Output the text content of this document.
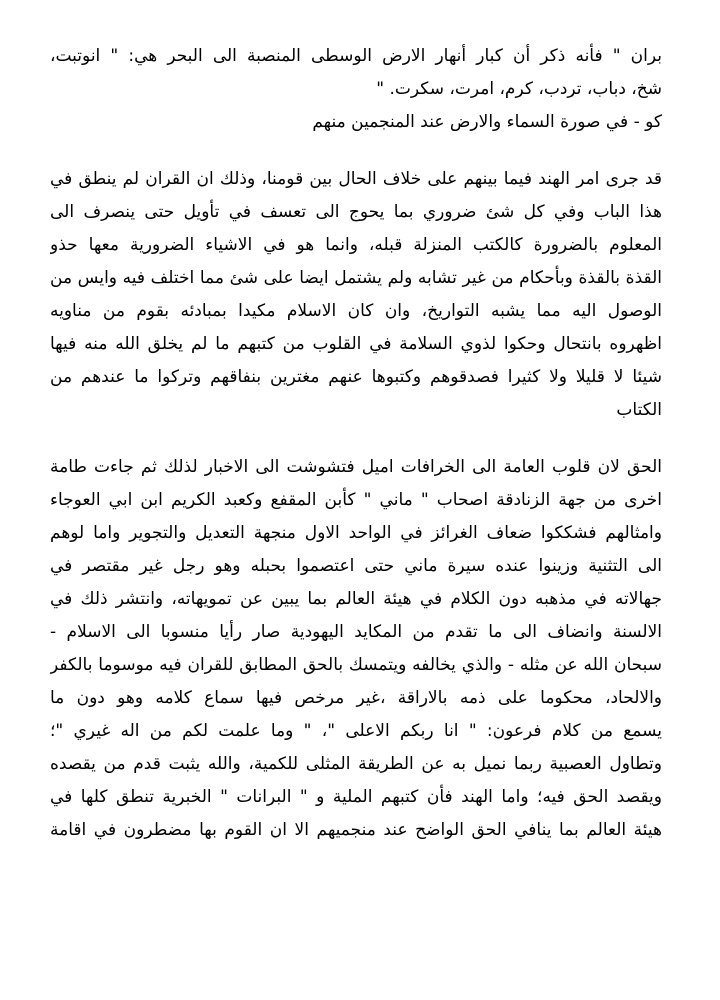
بران " فأنه ذكر أن كبار أنهار الارض الوسطى المنصبة الى البحر هي: " انوتبت،
شخ، دباب، تردب، كرم، امرت، سكرت. "
كو - في صورة السماء والارض عند المنجمين منهم
قد جرى امر الهند فيما بينهم على خلاف الحال بين قومنا، وذلك ان القران لم ينطق في
هذا الباب وفي كل شئ ضروري بما يحوج الى تعسف في تأويل حتى ينصرف الى
المعلوم بالضرورة كالكتب المنزلة قبله، وانما هو في الاشياء الضرورية معها حذو
القذة بالقذة وبأحكام من غير تشابه ولم يشتمل ايضا على شئ مما اختلف فيه وايس من
الوصول اليه مما يشبه التواريخ، وان كان الاسلام مكيدا بمبادئه بقوم من مناويه
اظهروه بانتحال وحكوا لذوي السلامة في القلوب من كتبهم ما لم يخلق الله منه فيها
شيئا لا قليلا ولا كثيرا فصدقوهم وكتبوها عنهم مغترين بنفاقهم وتركوا ما عندهم من
الكتاب
الحق لان قلوب العامة الى الخرافات اميل فتشوشت الى الاخبار لذلك ثم جاءت طامة
اخرى من جهة الزنادقة اصحاب " ماني " كأبن المقفع وكعبد الكريم ابن ابي العوجاء
وامثالهم فشككوا ضعاف الغرائز في الواحد الاول منجهة التعديل والتجوير واما لوهم
الى التثنية وزينوا عنده سيرة ماني حتى اعتصموا بحبله وهو رجل غير مقتصر في
جهالاته في مذهبه دون الكلام في هيئة العالم بما يبين عن تمويهاته، وانتشر ذلك في
الالسنة وانضاف الى ما تقدم من المكايد اليهودية صار رأيا منسوبا الى الاسلام -
سبحان الله عن مثله - والذي يخالفه ويتمسك بالحق المطابق للقران فيه موسوما بالكفر
والالحاد، محكوما على ذمه بالاراقة ،غير مرخص فيها سماع كلامه وهو دون ما
يسمع من كلام فرعون: " انا ربكم الاعلى "، " وما علمت لكم من اله غيري "؛
وتطاول العصبية ربما نميل به عن الطريقة المثلى للكمية، والله يثبت قدم من يقصده
ويقصد الحق فيه؛ واما الهند فأن كتبهم الملية و " البرانات " الخبرية تنطق كلها في
هيئة العالم بما ينافي الحق الواضح عند منجميهم الا ان القوم بها مضطرون في اقامة
